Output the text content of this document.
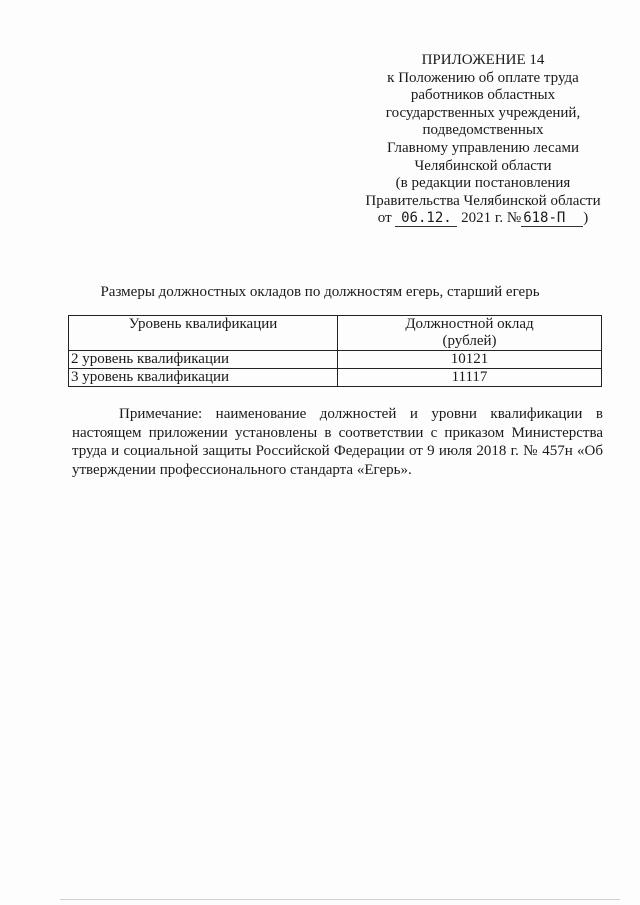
ПРИЛОЖЕНИЕ 14
к Положению об оплате труда
работников областных
государственных учреждений,
подведомственных
Главному управлению лесами
Челябинской области
(в редакции постановления
Правительства Челябинской области
от 06.12. 2021 г. № 618-П )
Размеры должностных окладов по должностям егерь, старший егерь
Уровень квалификации	Должностной оклад
(рублей)

2 уровень квалификации	10121
3 уровень квалификации	11117
Примечание: наименование должностей и уровни квалификации в настоящем приложении установлены в соответствии с приказом Министерства труда и социальной защиты Российской Федерации от 9 июля 2018 г. № 457н «Об утверждении профессионального стандарта «Егерь».
